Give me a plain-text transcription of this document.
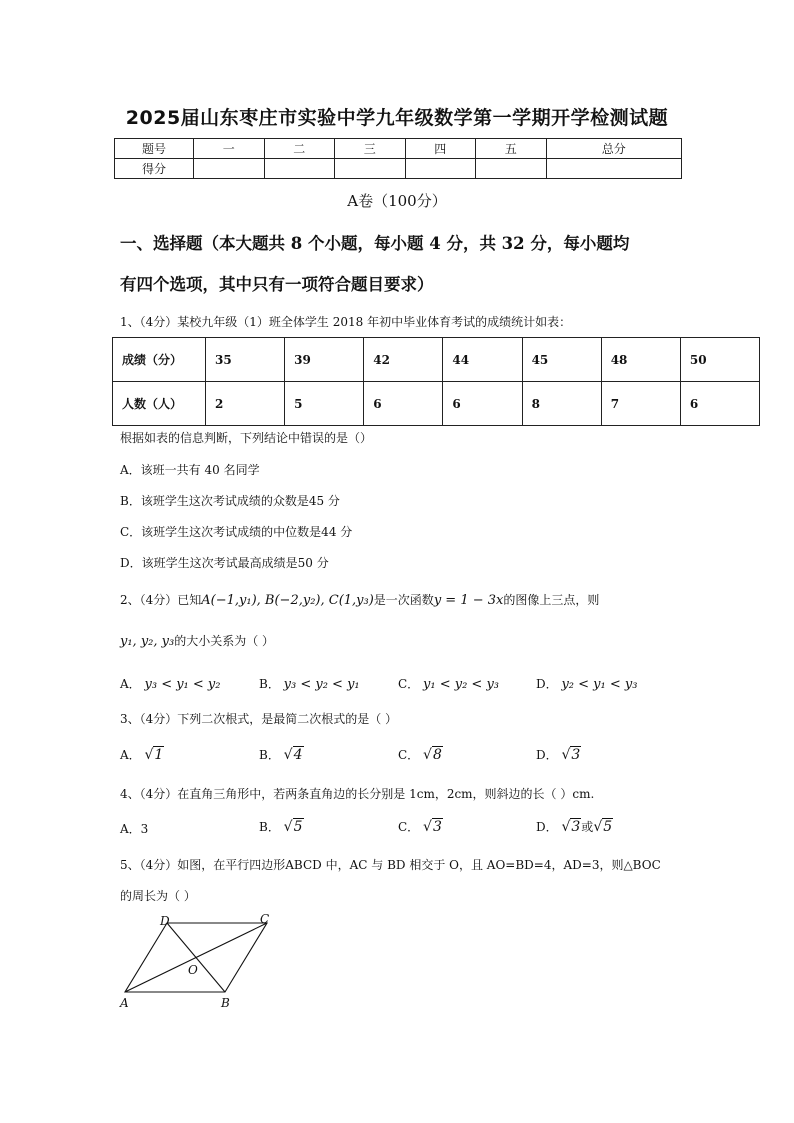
2025届山东枣庄市实验中学九年级数学第一学期开学检测试题
题号	一	二	三	四	五	总分
得分						
A卷（100分）
一、选择题（本大题共 8 个小题，每小题 4 分，共 32 分，每小题均
有四个选项，其中只有一项符合题目要求）
1、（4分）某校九年级（1）班全体学生 2018 年初中毕业体育考试的成绩统计如表：
成绩（分）	35	39	42	44	45	48	50
人数（人）	2	5	6	6	8	7	6
根据如表的信息判断，下列结论中错误的是（）
A．该班一共有 40 名同学
B．该班学生这次考试成绩的众数是45 分
C．该班学生这次考试成绩的中位数是44 分
D．该班学生这次考试最高成绩是50 分
2、（4分）已知A(−1,y₁), B(−2,y₂), C(1,y₃)是一次函数y = 1 − 3x的图像上三点，则
y₁, y₂, y₃的大小关系为（ ）
A． y₃ < y₁ < y₂	B． y₃ < y₂ < y₁	C． y₁ < y₂ < y₃	D． y₂ < y₁ < y₃
3、（4分）下列二次根式，是最简二次根式的是（ ）
A． √1	B． √4	C． √8	D． √3
4、（4分）在直角三角形中，若两条直角边的长分别是 1cm，2cm，则斜边的长（ ）cm.
A．3	B． √5	C． √3	D． √3或√5
5、（4分）如图，在平行四边形ABCD 中，AC 与 BD 相交于 O，且 AO=BD=4，AD=3，则△BOC
的周长为（ ）
A	B
C
D
O
